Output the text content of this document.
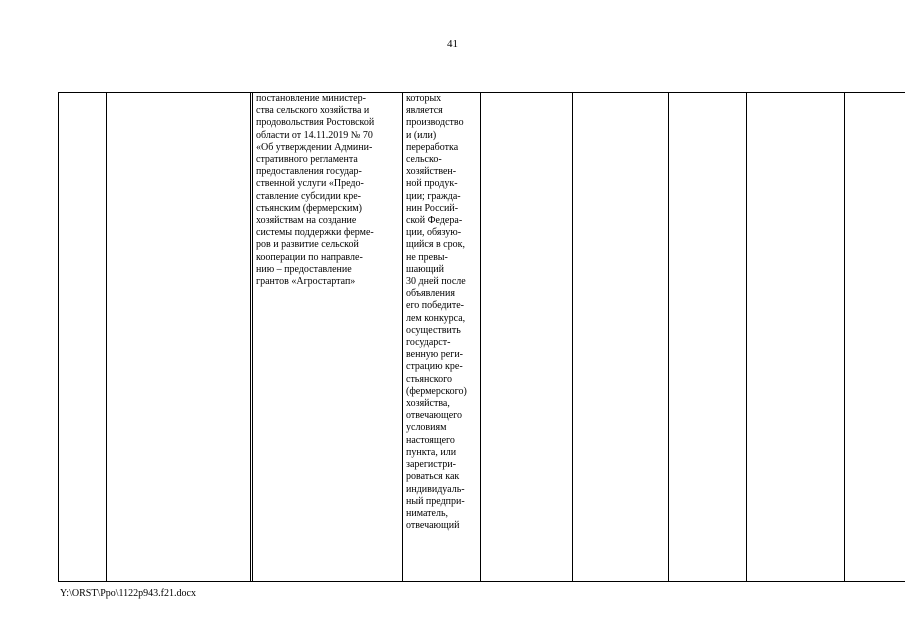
41
			постановление министер-
ства сельского хозяйства и
продовольствия Ростовской
области от 14.11.2019 № 70
«Об утверждении Админи-
стративного регламента
предоставления государ-
ственной услуги «Предо-
ставление субсидии кре-
стьянским (фермерским)
хозяйствам на создание
системы поддержки ферме-
ров и развитие сельской
кооперации по направле-
нию – предоставление
грантов «Агростартап»	которых
является
производство
и (или)
переработка
сельско-
хозяйствен-
ной продук-
ции; гражда-
нин Россий-
ской Федера-
ции, обязую-
щийся в срок,
не превы-
шающий
30 дней после
объявления
его победите-
лем конкурса,
осуществить
государст-
венную реги-
страцию кре-
стьянского
(фермерского)
хозяйства,
отвечающего
условиям
настоящего
пункта, или
зарегистри-
роваться как
индивидуаль-
ный предпри-
ниматель,
отвечающий					
Y:\ORST\Ppo\1122p943.f21.docx
